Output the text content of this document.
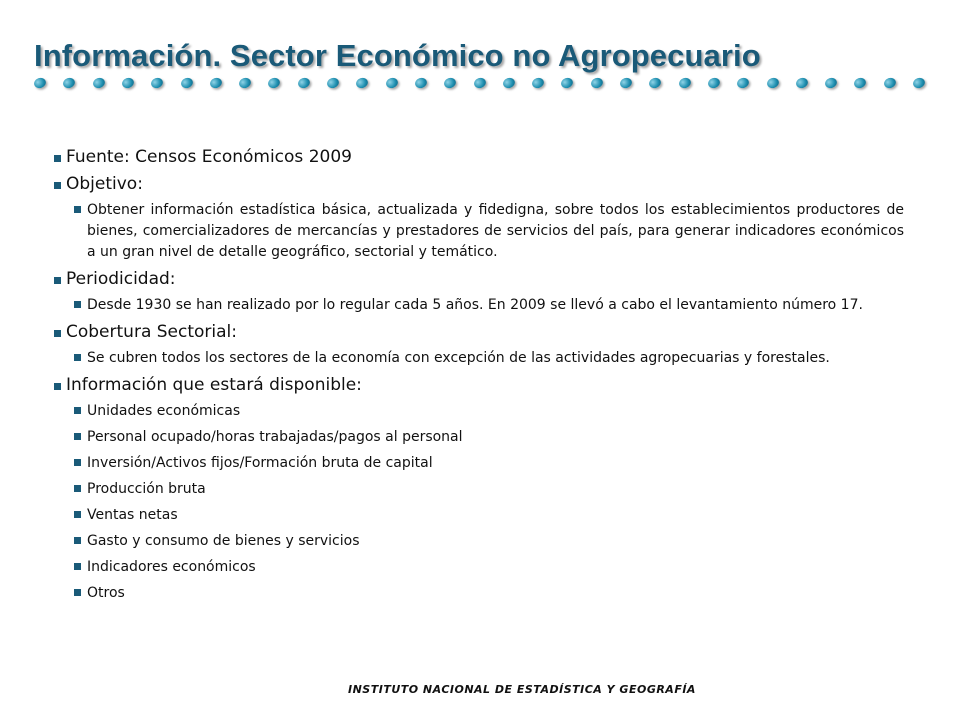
Información. Sector Económico no Agropecuario
Fuente: Censos Económicos 2009
Objetivo:
Obtener información estadística básica, actualizada y fidedigna, sobre todos los establecimientos productores de bienes, comercializadores de mercancías y prestadores de servicios del país, para generar indicadores económicos a un gran nivel de detalle geográfico, sectorial y temático.
Periodicidad:
Desde 1930 se han realizado por lo regular cada 5 años. En 2009 se llevó a cabo el levantamiento número 17.
Cobertura Sectorial:
Se cubren todos los sectores de la economía con excepción de las actividades agropecuarias y forestales.
Información que estará disponible:
Unidades económicas
Personal ocupado/horas trabajadas/pagos al personal
Inversión/Activos fijos/Formación bruta de capital
Producción bruta
Ventas netas
Gasto y consumo de bienes y servicios
Indicadores económicos
Otros
INSTITUTO NACIONAL DE ESTADÍSTICA Y GEOGRAFÍA
